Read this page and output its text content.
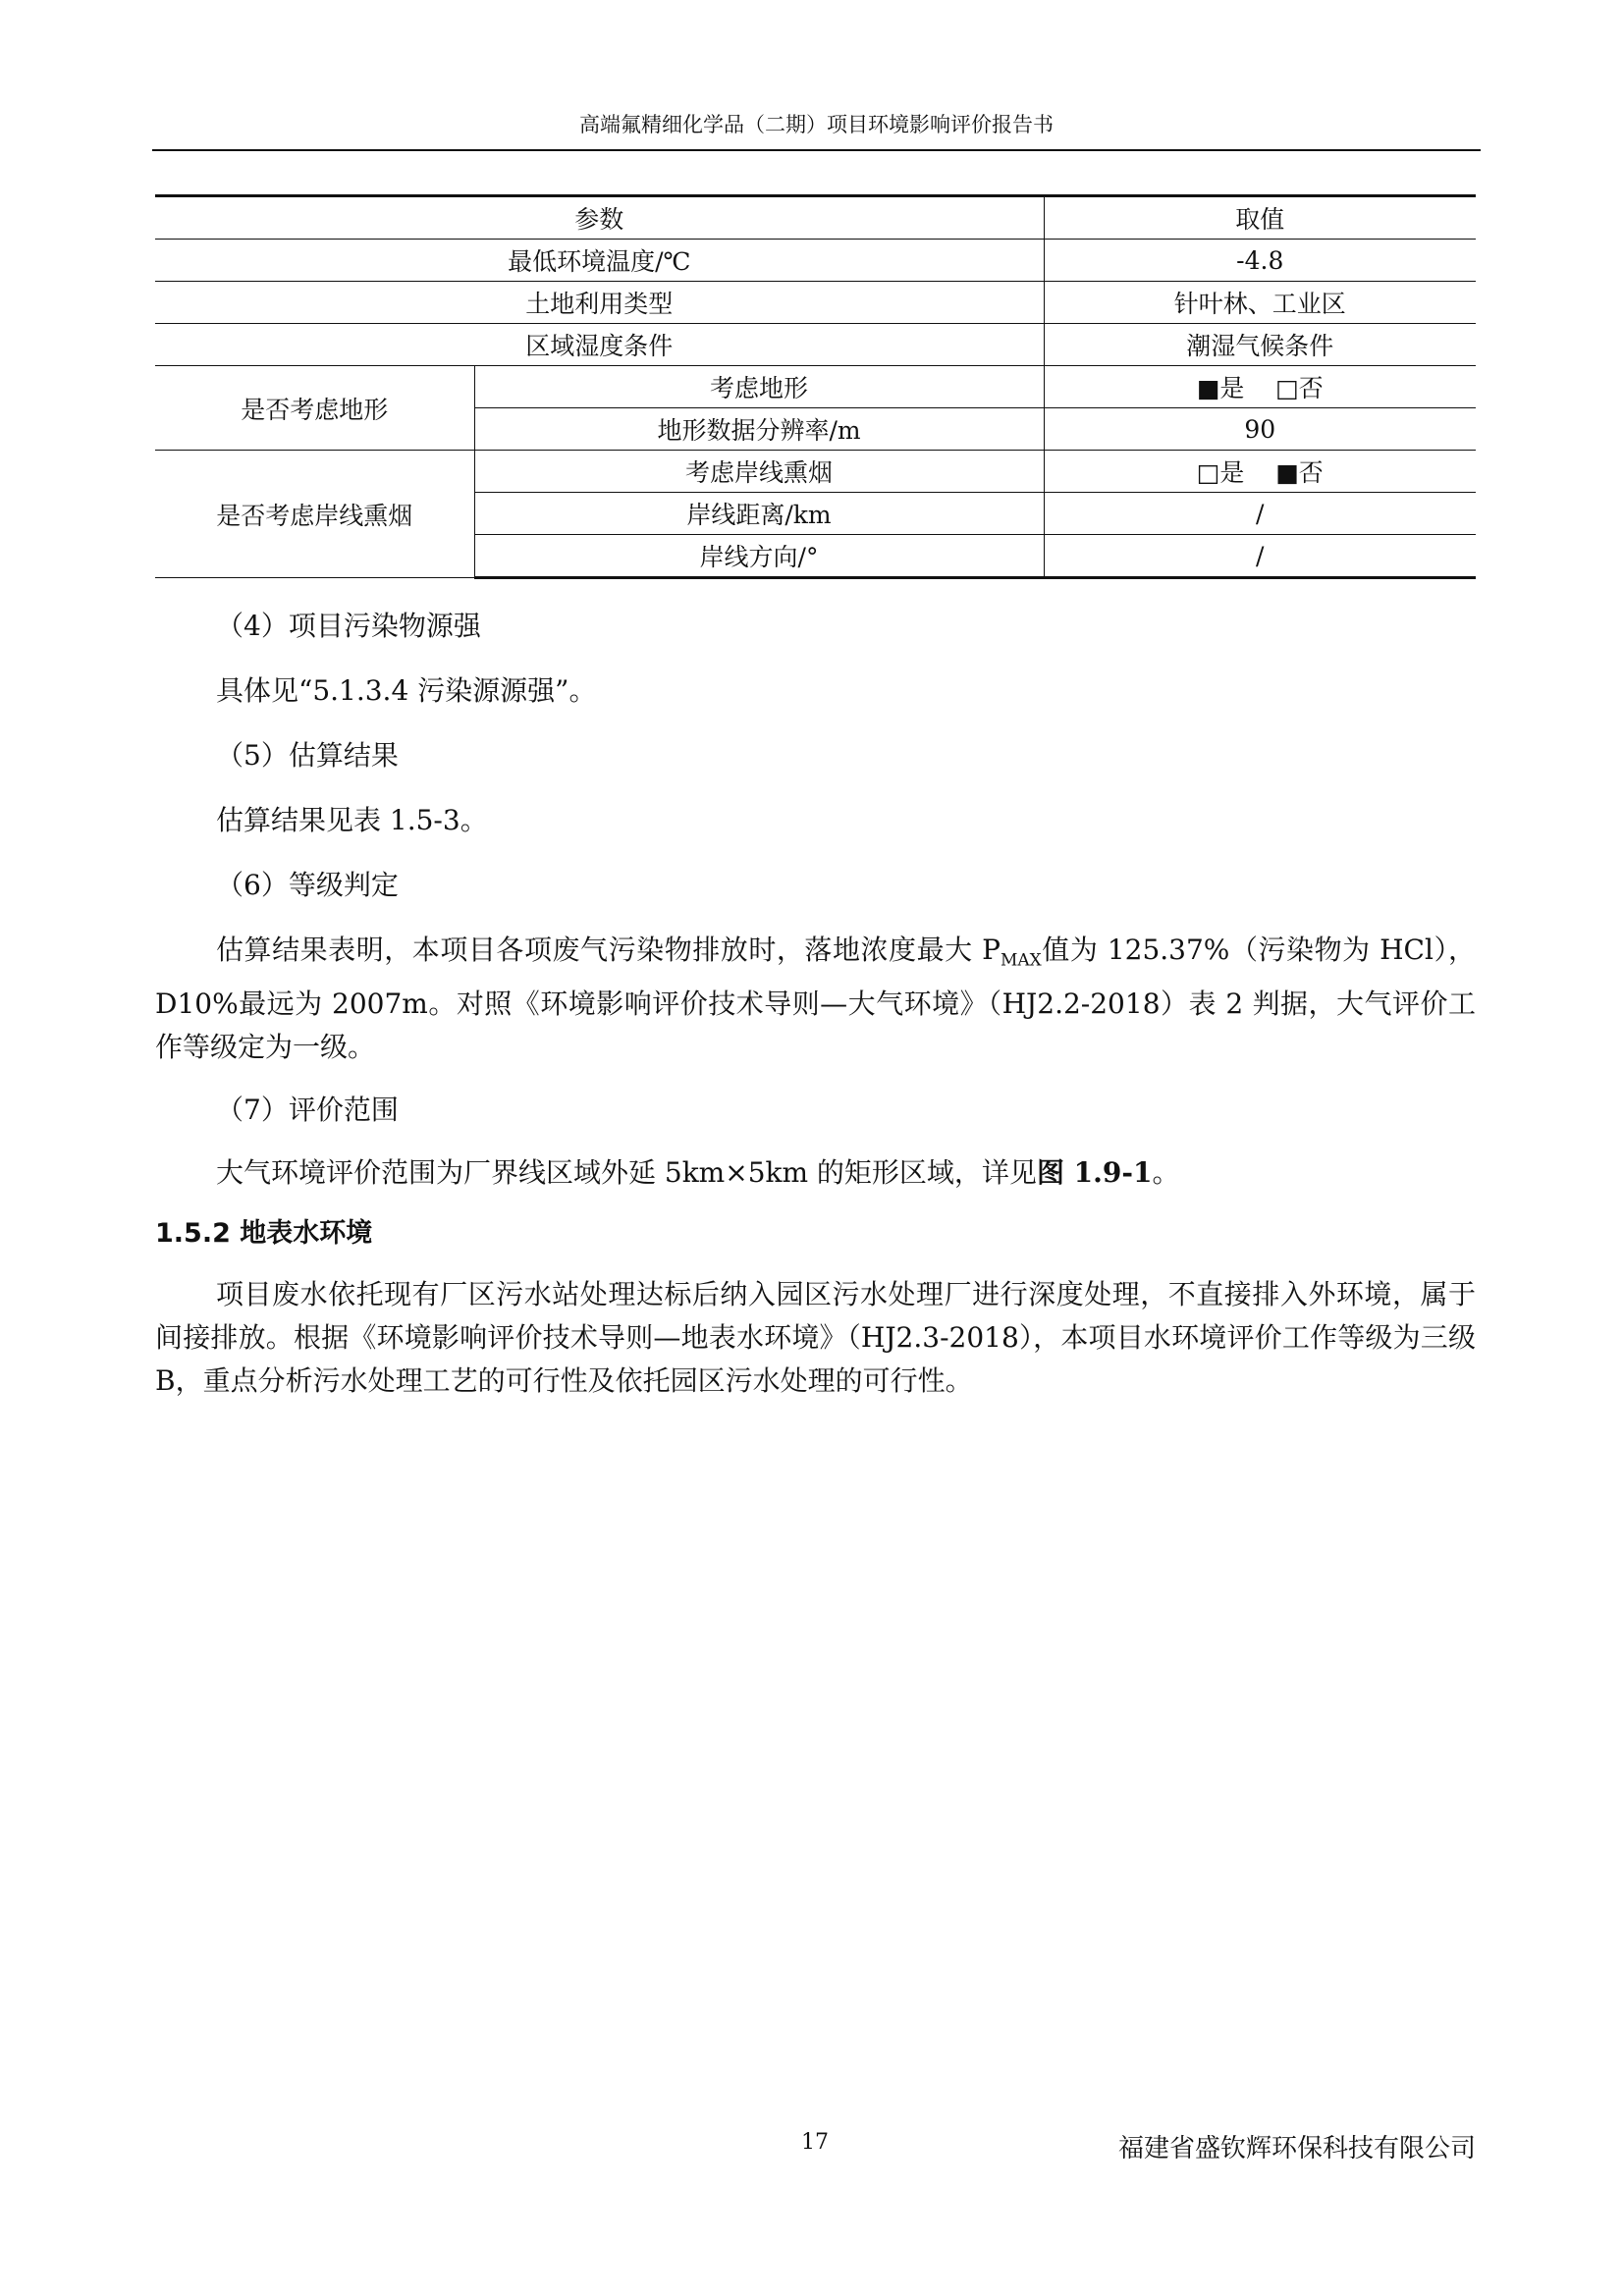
高端氟精细化学品（二期）项目环境影响评价报告书
参数		取值
最低环境温度/℃		-4.8
土地利用类型		针叶林、工业区
区域湿度条件		潮湿气候条件
是否考虑地形	考虑地形	■是 □ 否
	地形数据分辨率/m	90
是否考虑岸线熏烟	考虑岸线熏烟	□是 ■ 否
	岸线距离/km	/
	岸线方向/°	/

（4）项目污染物源强

具体见“5.1.3.4 污染源源强”。

（5）估算结果

估算结果见表 1.5-3。

（6）等级判定

估算结果表明，本项目各项废气污染物排放时，落地浓度最大 $P_{MAX}$值为 125.37%（污染物为 HCl），D10%最远为 2007m。对照《环境影响评价技术导则—大气环境》（HJ2.2-2018）表 2 判据，大气评价工作等级定为一级。

（7）评价范围

大气环境评价范围为厂界线区域外延 5km×5km 的矩形区域，详见图 1.9-1。

1.5.2 地表水环境

项目废水依托现有厂区污水站处理达标后纳入园区污水处理厂进行深度处理，不直接排入外环境，属于间接排放。根据《环境影响评价技术导则—地表水环境》（HJ2.3-2018），本项目水环境评价工作等级为三级 B，重点分析污水处理工艺的可行性及依托园区污水处理的可行性。

17	福建省盛钦辉环保科技有限公司
